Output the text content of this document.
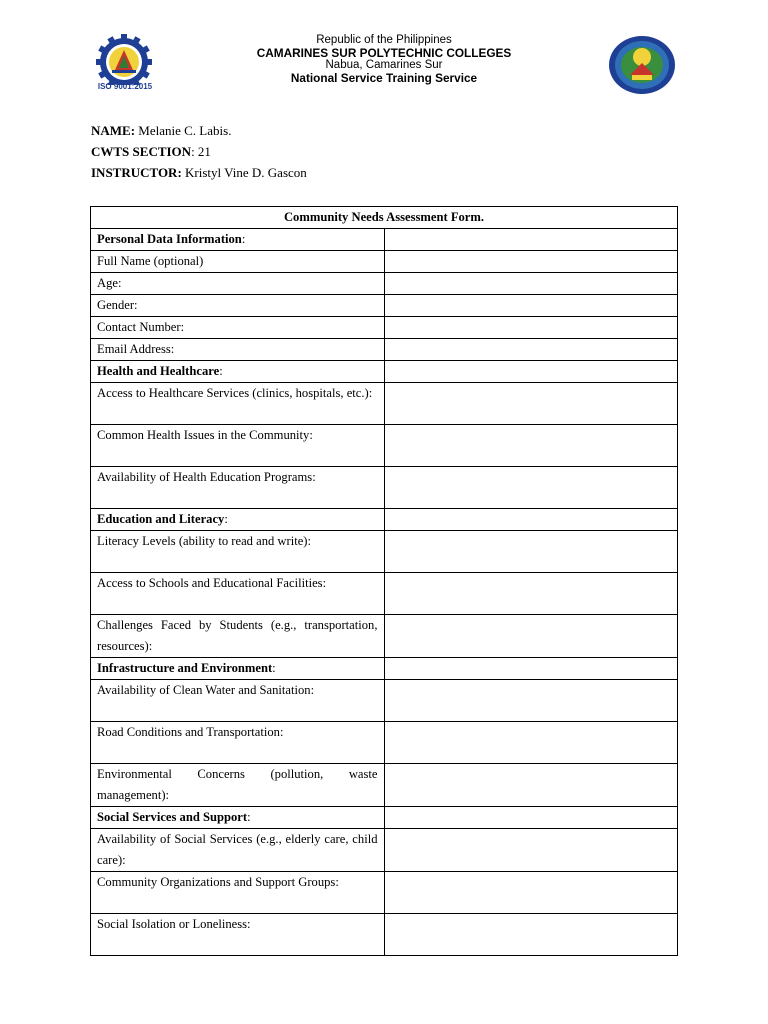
ISO 9001:2015
Republic of the Philippines
CAMARINES SUR POLYTECHNIC COLLEGES
Nabua, Camarines Sur
National Service Training Service
NAME: Melanie C. Labis.
CWTS SECTION: 21
INSTRUCTOR: Kristyl Vine D. Gascon
Community Needs Assessment Form.	
Personal Data Information:	
Full Name (optional)	
Age:	
Gender:	
Contact Number:	
Email Address:	
Health and Healthcare:	
Access to Healthcare Services (clinics, hospitals, etc.):	
Common Health Issues in the Community:	
Availability of Health Education Programs:	
Education and Literacy:	
Literacy Levels (ability to read and write):	
Access to Schools and Educational Facilities:	
Challenges Faced by Students (e.g., transportation, resources):	
Infrastructure and Environment:	
Availability of Clean Water and Sanitation:	
Road Conditions and Transportation:	
Environmental Concerns (pollution, waste management):	
Social Services and Support:	
Availability of Social Services (e.g., elderly care, child care):	
Community Organizations and Support Groups:	
Social Isolation or Loneliness:	
